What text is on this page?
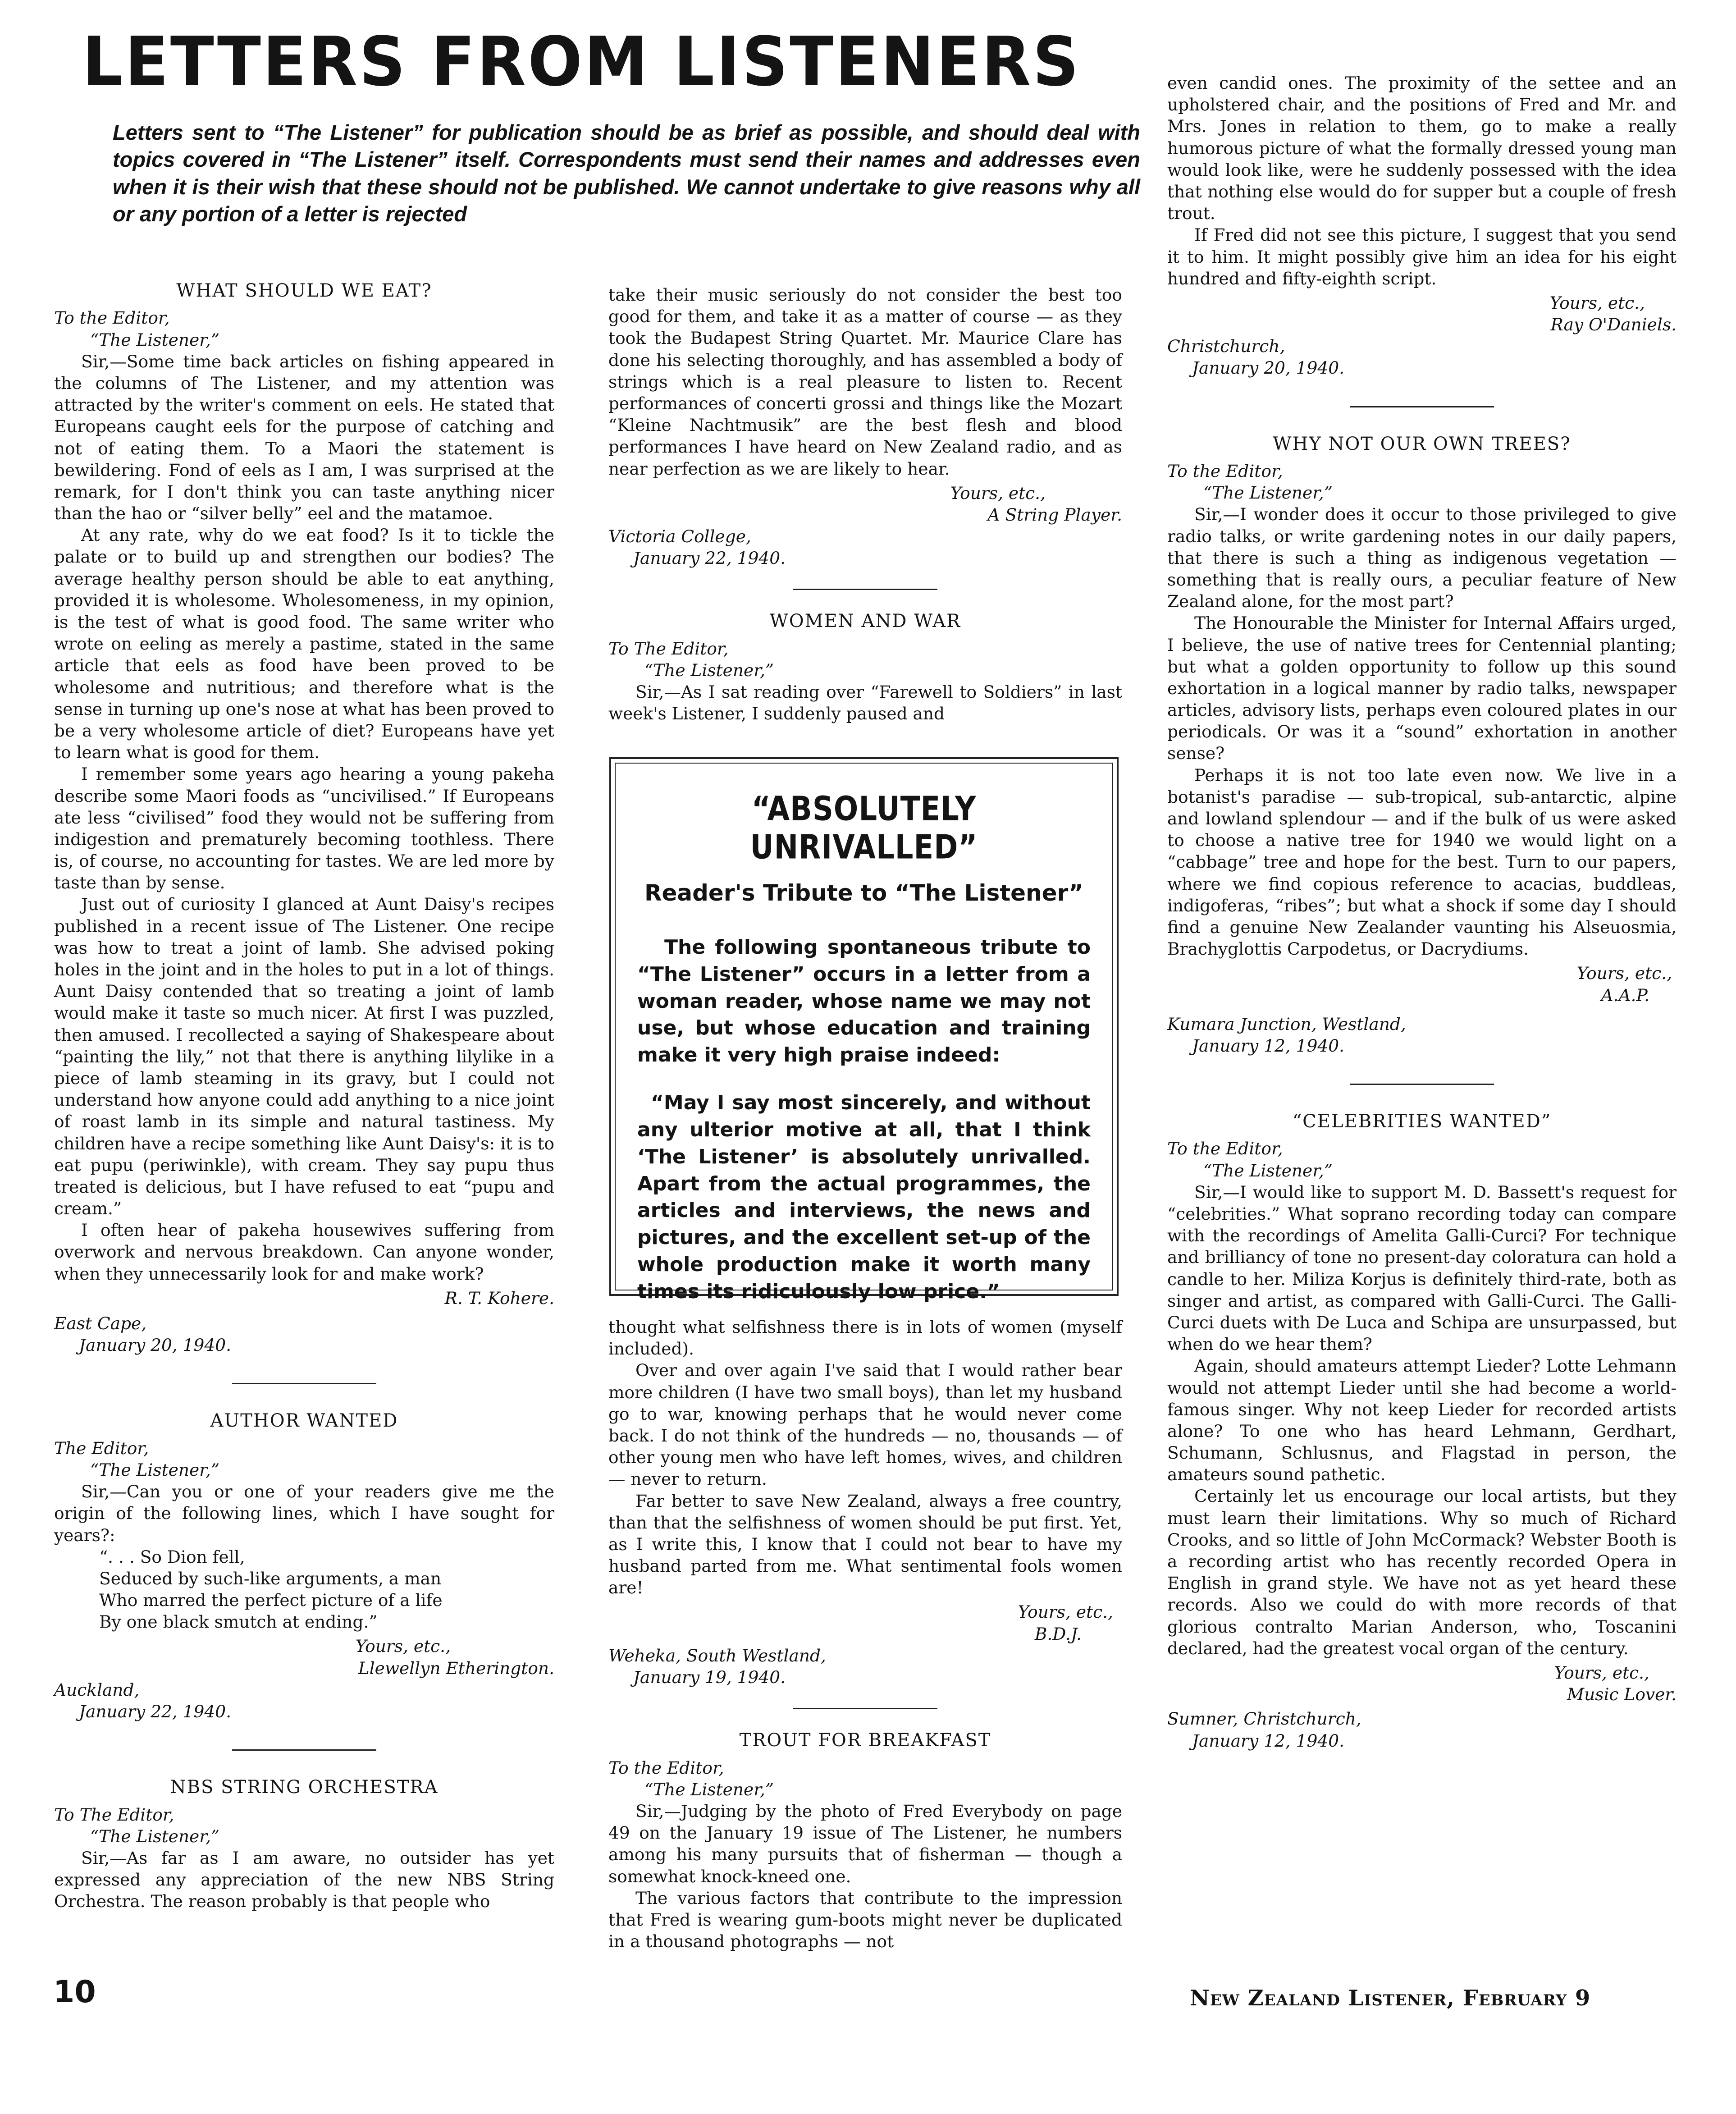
LETTERS FROM LISTENERS

Letters sent to “The Listener” for publication should be as brief as possible, and should deal with topics covered in “The Listener” itself. Correspondents must send their names and addresses even when it is their wish that these should not be published. We cannot undertake to give reasons why all or any portion of a letter is rejected

WHAT SHOULD WE EAT?

To the Editor,

“The Listener,”

Sir,—Some time back articles on fishing appeared in the columns of The Listener, and my attention was attracted by the writer's comment on eels. He stated that Europeans caught eels for the purpose of catching and not of eating them. To a Maori the statement is bewildering. Fond of eels as I am, I was surprised at the remark, for I don't think you can taste anything nicer than the hao or “silver belly” eel and the matamoe.

At any rate, why do we eat food? Is it to tickle the palate or to build up and strengthen our bodies? The average healthy person should be able to eat anything, provided it is wholesome. Wholesomeness, in my opinion, is the test of what is good food. The same writer who wrote on eeling as merely a pastime, stated in the same article that eels as food have been proved to be wholesome and nutritious; and therefore what is the sense in turning up one's nose at what has been proved to be a very wholesome article of diet? Europeans have yet to learn what is good for them.

I remember some years ago hearing a young pakeha describe some Maori foods as “uncivilised.” If Europeans ate less “civilised” food they would not be suffering from indigestion and prematurely becoming toothless. There is, of course, no accounting for tastes. We are led more by taste than by sense.

Just out of curiosity I glanced at Aunt Daisy's recipes published in a recent issue of The Listener. One recipe was how to treat a joint of lamb. She advised poking holes in the joint and in the holes to put in a lot of things. Aunt Daisy contended that so treating a joint of lamb would make it taste so much nicer. At first I was puzzled, then amused. I recollected a saying of Shakespeare about “painting the lily,” not that there is anything lilylike in a piece of lamb steaming in its gravy, but I could not understand how anyone could add anything to a nice joint of roast lamb in its simple and natural tastiness. My children have a recipe something like Aunt Daisy's: it is to eat pupu (periwinkle), with cream. They say pupu thus treated is delicious, but I have refused to eat “pupu and cream.”

I often hear of pakeha housewives suffering from overwork and nervous breakdown. Can anyone wonder, when they unnecessarily look for and make work?

R. T. Kohere.

East Cape,

January 20, 1940.

AUTHOR WANTED

The Editor,

“The Listener,”

Sir,—Can you or one of your readers give me the origin of the following lines, which I have sought for years?:

“. . . So Dion fell,

Seduced by such-like arguments, a man

Who marred the perfect picture of a life

By one black smutch at ending.”

Yours, etc.,

Llewellyn Etherington.

Auckland,

January 22, 1940.

NBS STRING ORCHESTRA

To The Editor,

“The Listener,”

Sir,—As far as I am aware, no outsider has yet expressed any appreciation of the new NBS String Orchestra. The reason probably is that people who

take their music seriously do not consider the best too good for them, and take it as a matter of course — as they took the Budapest String Quartet. Mr. Maurice Clare has done his selecting thoroughly, and has assembled a body of strings which is a real pleasure to listen to. Recent performances of concerti grossi and things like the Mozart “Kleine Nachtmusik” are the best flesh and blood performances I have heard on New Zealand radio, and as near perfection as we are likely to hear.

Yours, etc.,

A String Player.

Victoria College,

January 22, 1940.

WOMEN AND WAR

To The Editor,

“The Listener,”

Sir,—As I sat reading over “Farewell to Soldiers” in last week's Listener, I suddenly paused and

“ABSOLUTELY UNRIVALLED”

Reader's Tribute to “The Listener”

The following spontaneous tribute to “The Listener” occurs in a letter from a woman reader, whose name we may not use, but whose education and training make it very high praise indeed:

“May I say most sincerely, and without any ulterior motive at all, that I think ‘The Listener’ is absolutely unrivalled. Apart from the actual programmes, the articles and interviews, the news and pictures, and the excellent set-up of the whole production make it worth many times its ridiculously low price.”

thought what selfishness there is in lots of women (myself included).

Over and over again I've said that I would rather bear more children (I have two small boys), than let my husband go to war, knowing perhaps that he would never come back. I do not think of the hundreds — no, thousands — of other young men who have left homes, wives, and children — never to return.

Far better to save New Zealand, always a free country, than that the selfishness of women should be put first. Yet, as I write this, I know that I could not bear to have my husband parted from me. What sentimental fools women are!

Yours, etc.,

B.D.J.

Weheka, South Westland,

January 19, 1940.

TROUT FOR BREAKFAST

To the Editor,

“The Listener,”

Sir,—Judging by the photo of Fred Everybody on page 49 on the January 19 issue of The Listener, he numbers among his many pursuits that of fisherman — though a somewhat knock-kneed one.

The various factors that contribute to the impression that Fred is wearing gum-boots might never be duplicated in a thousand photographs — not

even candid ones. The proximity of the settee and an upholstered chair, and the positions of Fred and Mr. and Mrs. Jones in relation to them, go to make a really humorous picture of what the formally dressed young man would look like, were he suddenly possessed with the idea that nothing else would do for supper but a couple of fresh trout.

If Fred did not see this picture, I suggest that you send it to him. It might possibly give him an idea for his eight hundred and fifty-eighth script.

Yours, etc.,

Ray O'Daniels.

Christchurch,

January 20, 1940.

WHY NOT OUR OWN TREES?

To the Editor,

“The Listener,”

Sir,—I wonder does it occur to those privileged to give radio talks, or write gardening notes in our daily papers, that there is such a thing as indigenous vegetation — something that is really ours, a peculiar feature of New Zealand alone, for the most part?

The Honourable the Minister for Internal Affairs urged, I believe, the use of native trees for Centennial planting; but what a golden opportunity to follow up this sound exhortation in a logical manner by radio talks, newspaper articles, advisory lists, perhaps even coloured plates in our periodicals. Or was it a “sound” exhortation in another sense?

Perhaps it is not too late even now. We live in a botanist's paradise — sub-tropical, sub-antarctic, alpine and lowland splendour — and if the bulk of us were asked to choose a native tree for 1940 we would light on a “cabbage” tree and hope for the best. Turn to our papers, where we find copious reference to acacias, buddleas, indigoferas, “ribes”; but what a shock if some day I should find a genuine New Zealander vaunting his Alseuosmia, Brachyglottis Carpodetus, or Dacrydiums.

Yours, etc.,

A.A.P.

Kumara Junction, Westland,

January 12, 1940.

“CELEBRITIES WANTED”

To the Editor,

“The Listener,”

Sir,—I would like to support M. D. Bassett's request for “celebrities.” What soprano recording today can compare with the recordings of Amelita Galli-Curci? For technique and brilliancy of tone no present-day coloratura can hold a candle to her. Miliza Korjus is definitely third-rate, both as singer and artist, as compared with Galli-Curci. The Galli-Curci duets with De Luca and Schipa are unsurpassed, but when do we hear them?

Again, should amateurs attempt Lieder? Lotte Lehmann would not attempt Lieder until she had become a world-famous singer. Why not keep Lieder for recorded artists alone? To one who has heard Lehmann, Gerdhart, Schumann, Schlusnus, and Flagstad in person, the amateurs sound pathetic.

Certainly let us encourage our local artists, but they must learn their limitations. Why so much of Richard Crooks, and so little of John McCormack? Webster Booth is a recording artist who has recently recorded Opera in English in grand style. We have not as yet heard these records. Also we could do with more records of that glorious contralto Marian Anderson, who, Toscanini declared, had the greatest vocal organ of the century.

Yours, etc.,

Music Lover.

Sumner, Christchurch,

January 12, 1940.

10	New Zealand Listener, February 9
